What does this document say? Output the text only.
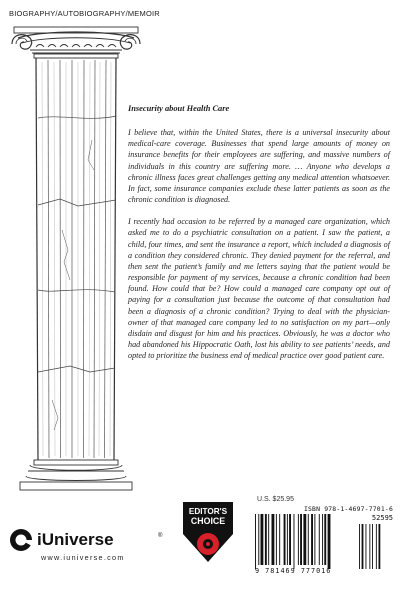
BIOGRAPHY/AUTOBIOGRAPHY/MEMOIR

Insecurity about Health Care

I believe that, within the United States, there is a universal insecurity about medical-care coverage. Businesses that spend large amounts of money on insurance benefits for their employees are suffering, and massive numbers of individuals in this country are suffering more. … Anyone who develops a chronic illness faces great challenges getting any medical attention whatsoever. In fact, some insurance companies exclude these latter patients as soon as the chronic condition is diagnosed.

I recently had occasion to be referred by a managed care organization, which asked me to do a psychiatric consultation on a patient. I saw the patient, a child, four times, and sent the insurance a report, which included a diagnosis of a condition they considered chronic. They denied payment for the referral, and then sent the patient’s family and me letters saying that the patient would be responsible for payment of my services, because a chronic condition had been found. How could that be? How could a managed care company opt out of paying for a consultation just because the outcome of that consultation had been a diagnosis of a chronic condition? Trying to deal with the physician-owner of that managed care company led to no satisfaction on my part—only disdain and disgust for him and his practices. Obviously, he was a doctor who had abandoned his Hippocratic Oath, lost his ability to see patients’ needs, and opted to prioritize the business end of medical practice over good patient care.

iUniverse	®
www.iuniverse.com
EDITOR'S
CHOICE
U.S. $25.95
ISBN 978-1-4697-7701-6
52595
9 781469 777016
